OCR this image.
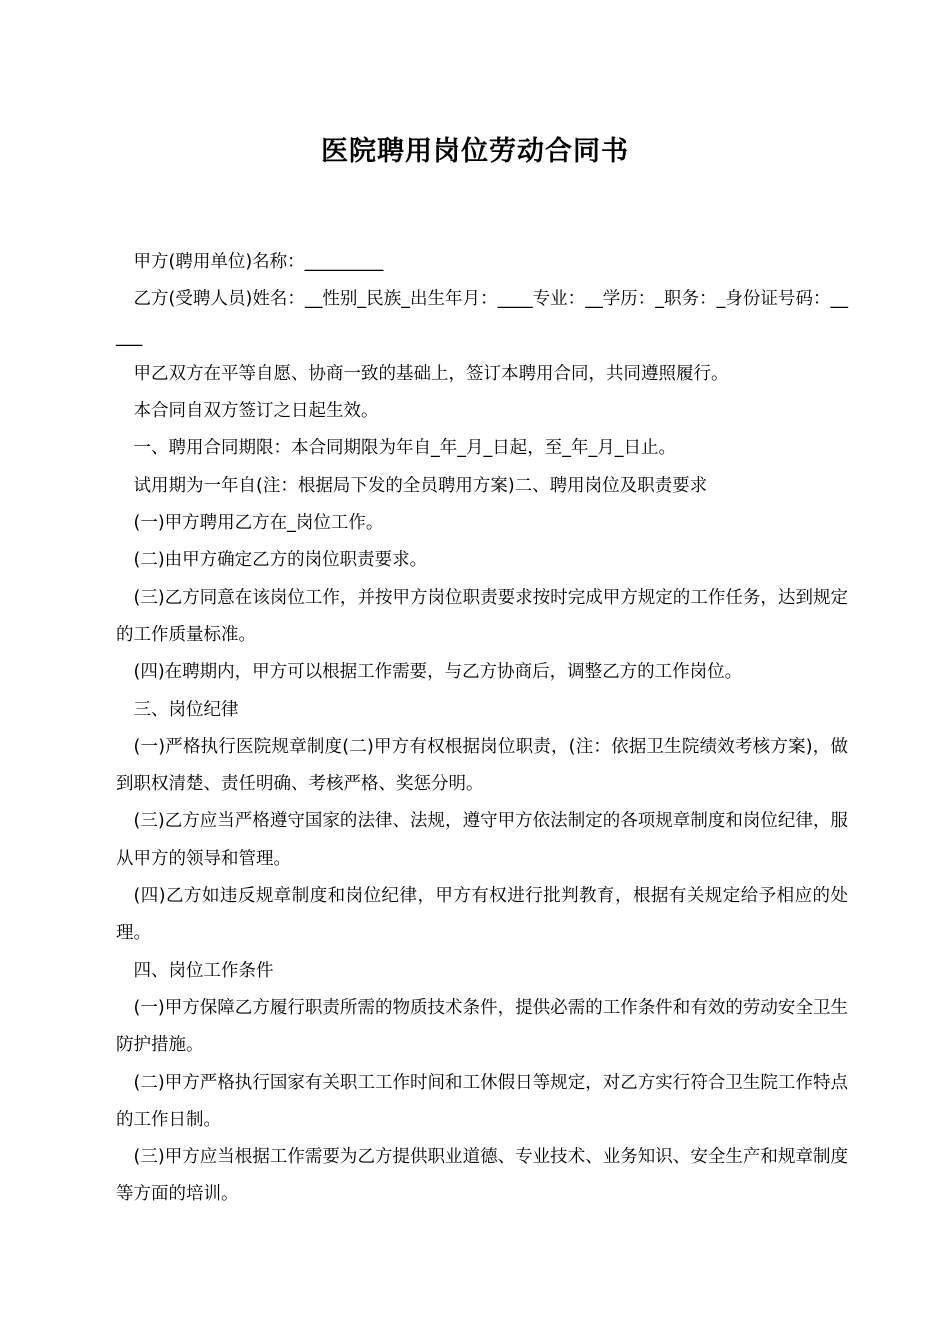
医院聘用岗位劳动合同书

甲方(聘用单位)名称：_________

乙方(受聘人员)姓名：__性别_民族_出生年月：____专业：__学历：_职务：_身份证号码：_____

甲乙双方在平等自愿、协商一致的基础上，签订本聘用合同，共同遵照履行。

本合同自双方签订之日起生效。

一、聘用合同期限：本合同期限为年自_年_月_日起，至_年_月_日止。

试用期为一年自(注：根据局下发的全员聘用方案)二、聘用岗位及职责要求

(一)甲方聘用乙方在_岗位工作。

(二)由甲方确定乙方的岗位职责要求。

(三)乙方同意在该岗位工作，并按甲方岗位职责要求按时完成甲方规定的工作任务，达到规定的工作质量标准。

(四)在聘期内，甲方可以根据工作需要，与乙方协商后，调整乙方的工作岗位。

三、岗位纪律

(一)严格执行医院规章制度(二)甲方有权根据岗位职责，(注：依据卫生院绩效考核方案)，做到职权清楚、责任明确、考核严格、奖惩分明。

(三)乙方应当严格遵守国家的法律、法规，遵守甲方依法制定的各项规章制度和岗位纪律，服从甲方的领导和管理。

(四)乙方如违反规章制度和岗位纪律，甲方有权进行批判教育，根据有关规定给予相应的处理。

四、岗位工作条件

(一)甲方保障乙方履行职责所需的物质技术条件，提供必需的工作条件和有效的劳动安全卫生防护措施。

(二)甲方严格执行国家有关职工工作时间和工休假日等规定，对乙方实行符合卫生院工作特点的工作日制。

(三)甲方应当根据工作需要为乙方提供职业道德、专业技术、业务知识、安全生产和规章制度等方面的培训。
